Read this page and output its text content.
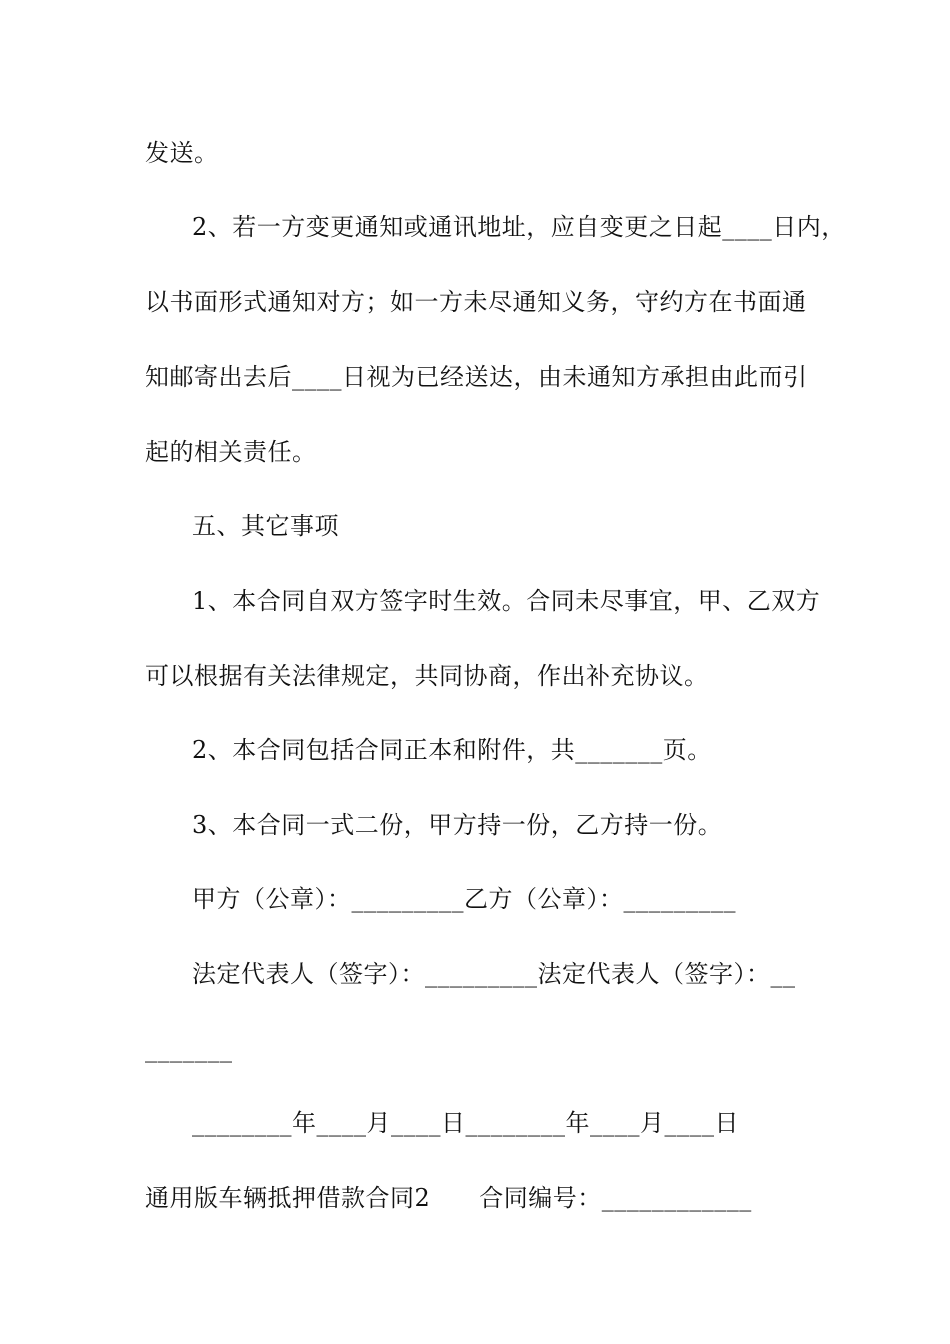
发送。
2、若一方变更通知或通讯地址，应自变更之日起____日内，
以书面形式通知对方；如一方未尽通知义务，守约方在书面通
知邮寄出去后____日视为已经送达，由未通知方承担由此而引
起的相关责任。
五、其它事项
1、本合同自双方签字时生效。合同未尽事宜，甲、乙双方
可以根据有关法律规定，共同协商，作出补充协议。
2、本合同包括合同正本和附件，共_______页。
3、本合同一式二份，甲方持一份，乙方持一份。
甲方（公章）：_________乙方（公章）：_________
法定代表人（签字）：_________法定代表人（签字）：__
_______
________年____月____日________年____月____日
通用版车辆抵押借款合同2　　合同编号：____________
